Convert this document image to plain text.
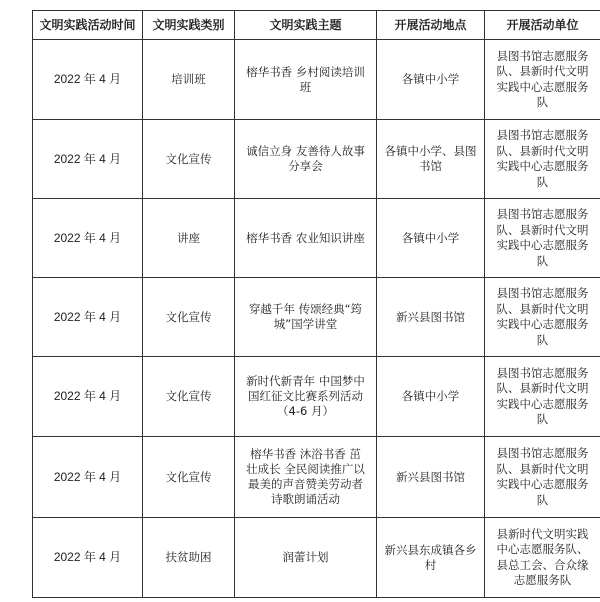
文明实践活动时间	文明实践类别	文明实践主题	开展活动地点	开展活动单位
2022 年 4 月	培训班	榕华书香 乡村阅读培训班	各镇中小学	县图书馆志愿服务队、县新时代文明实践中心志愿服务队
2022 年 4 月	文化宣传	诚信立身 友善待人故事分享会	各镇中小学、县图书馆	县图书馆志愿服务队、县新时代文明实践中心志愿服务队
2022 年 4 月	讲座	榕华书香 农业知识讲座	各镇中小学	县图书馆志愿服务队、县新时代文明实践中心志愿服务队
2022 年 4 月	文化宣传	穿越千年 传颂经典“筠城”国学讲堂	新兴县图书馆	县图书馆志愿服务队、县新时代文明实践中心志愿服务队
2022 年 4 月	文化宣传	新时代新青年 中国梦中国红征文比赛系列活动（4-6 月）	各镇中小学	县图书馆志愿服务队、县新时代文明实践中心志愿服务队
2022 年 4 月	文化宣传	榕华书香 沐浴书香 茁壮成长 全民阅读推广以最美的声音赞美劳动者诗歌朗诵活动	新兴县图书馆	县图书馆志愿服务队、县新时代文明实践中心志愿服务队
2022 年 4 月	扶贫助困	润蕾计划	新兴县东成镇各乡村	县新时代文明实践中心志愿服务队、县总工会、合众缘志愿服务队
